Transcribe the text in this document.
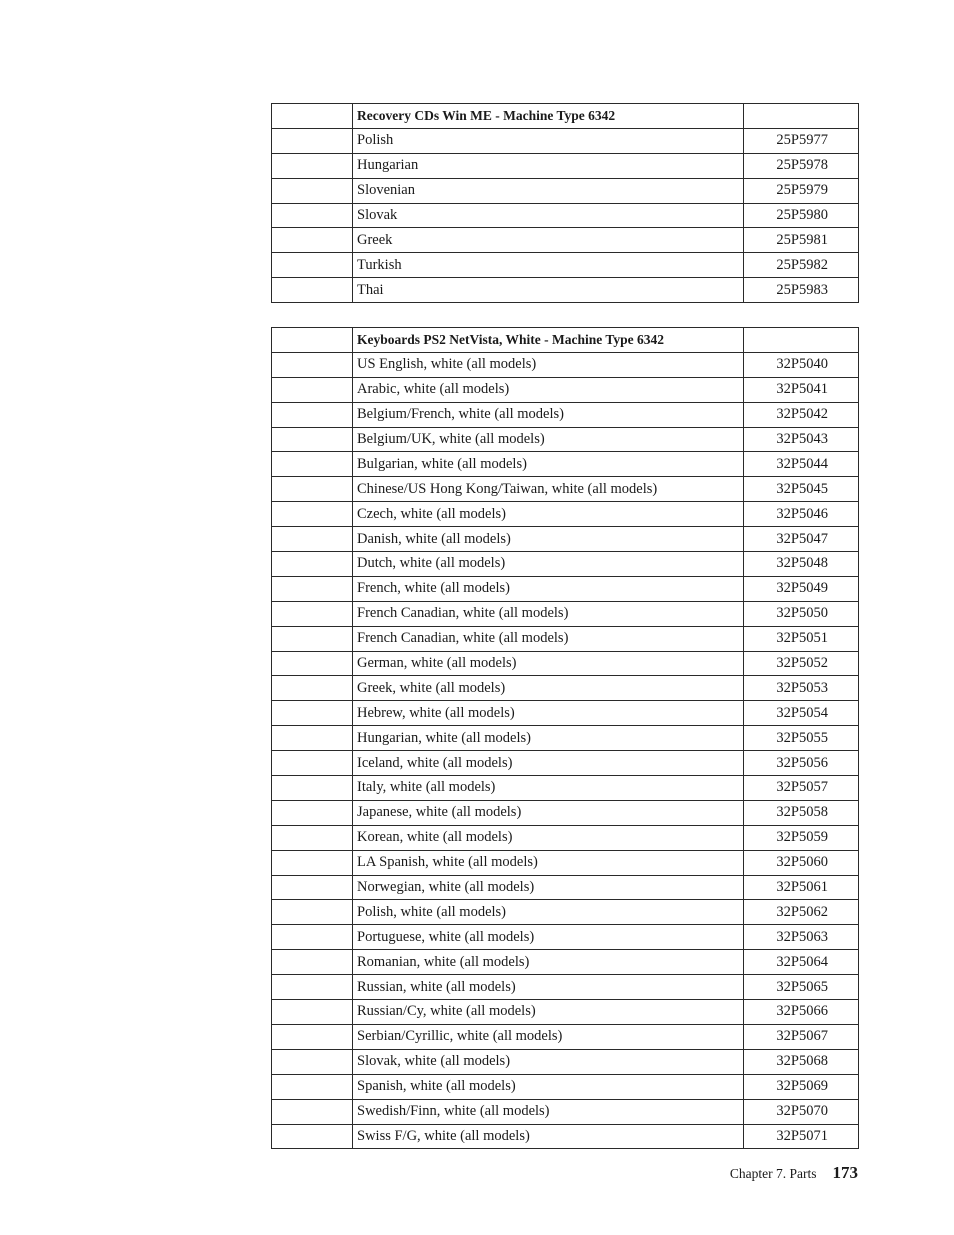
	Recovery CDs Win ME - Machine Type 6342	
	Polish	25P5977
	Hungarian	25P5978
	Slovenian	25P5979
	Slovak	25P5980
	Greek	25P5981
	Turkish	25P5982
	Thai	25P5983
	Keyboards PS2 NetVista, White - Machine Type 6342	
	US English, white (all models)	32P5040
	Arabic, white (all models)	32P5041
	Belgium/French, white (all models)	32P5042
	Belgium/UK, white (all models)	32P5043
	Bulgarian, white (all models)	32P5044
	Chinese/US Hong Kong/Taiwan, white (all models)	32P5045
	Czech, white (all models)	32P5046
	Danish, white (all models)	32P5047
	Dutch, white (all models)	32P5048
	French, white (all models)	32P5049
	French Canadian, white (all models)	32P5050
	French Canadian, white (all models)	32P5051
	German, white (all models)	32P5052
	Greek, white (all models)	32P5053
	Hebrew, white (all models)	32P5054
	Hungarian, white (all models)	32P5055
	Iceland, white (all models)	32P5056
	Italy, white (all models)	32P5057
	Japanese, white (all models)	32P5058
	Korean, white (all models)	32P5059
	LA Spanish, white (all models)	32P5060
	Norwegian, white (all models)	32P5061
	Polish, white (all models)	32P5062
	Portuguese, white (all models)	32P5063
	Romanian, white (all models)	32P5064
	Russian, white (all models)	32P5065
	Russian/Cy, white (all models)	32P5066
	Serbian/Cyrillic, white (all models)	32P5067
	Slovak, white (all models)	32P5068
	Spanish, white (all models)	32P5069
	Swedish/Finn, white (all models)	32P5070
	Swiss F/G, white (all models)	32P5071
Chapter 7. Parts 173
